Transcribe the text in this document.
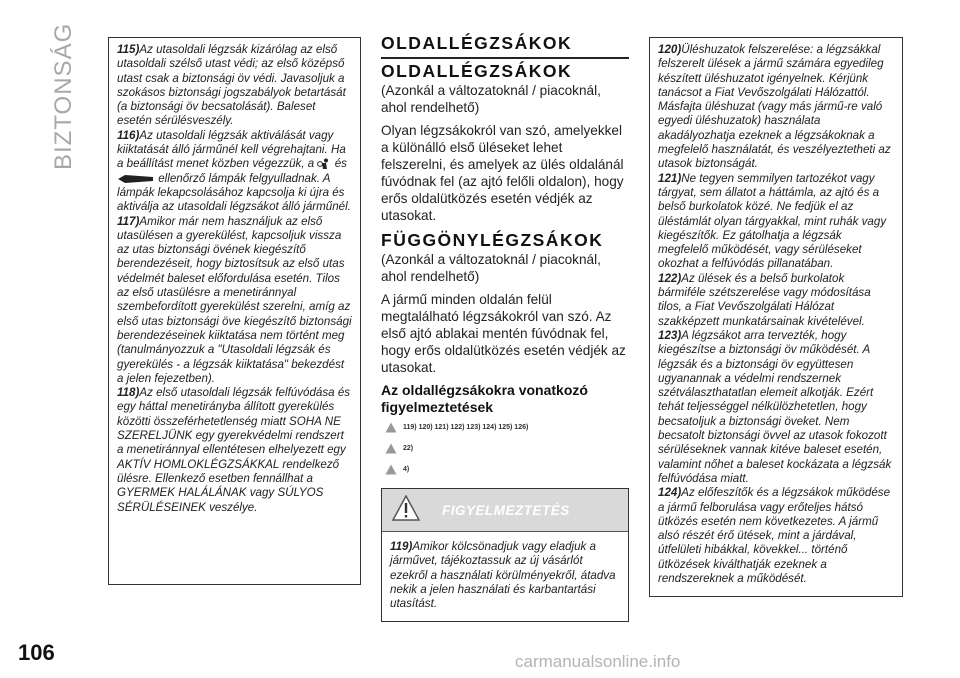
BIZTONSÁG
106	carmanualsonline.info

115)Az utasoldali légzsák kizárólag az első utasoldali szélső utast védi; az első középső utast csak a biztonsági öv védi. Javasoljuk a szokásos biztonsági jogszabályok betartását (a biztonsági öv becsatolását). Baleset esetén sérülésveszély.

116)Az utasoldali légzsák aktiválását vagy kiiktatását álló járműnél kell végrehajtani. Ha a beállítást menet közben végezzük, a és  ellenőrző lámpák felgyulladnak. A lámpák lekapcsolásához kapcsolja ki újra és aktiválja az utasoldali légzsákot álló járműnél.

117)Amikor már nem használjuk az első utasülésen a gyerekülést, kapcsoljuk vissza az utas biztonsági övének kiegészítő berendezéseit, hogy biztosítsuk az első utas védelmét baleset előfordulása esetén. Tilos az első utasülésre a menetiránnyal szembefordított gyerekülést szerelni, amíg az első utas biztonsági öve kiegészítő biztonsági berendezéseinek kiiktatása nem történt meg (tanulmányozzuk a "Utasoldali légzsák és gyerekülés - a légzsák kiiktatása" bekezdést a jelen fejezetben).

118)Az első utasoldali légzsák felfúvódása és egy háttal menetirányba állított gyerekülés közötti összeférhetetlenség miatt SOHA NE SZERELJÜNK egy gyerekvédelmi rendszert a menetiránnyal ellentétesen elhelyezett egy AKTÍV HOMLOKLÉGZSÁKKAL rendelkező ülésre. Ellenkező esetben fennállhat a GYERMEK HALÁLÁNAK vagy SÚLYOS SÉRÜLÉSEINEK veszélye.

OLDALLÉGZSÁKOK
OLDALLÉGZSÁKOK

(Azonkál a változatoknál / piacoknál, ahol rendelhető)

Olyan légzsákokról van szó, amelyekkel a különálló első üléseket lehet felszerelni, és amelyek az ülés oldalánál fúvódnak fel (az ajtó felőli oldalon), hogy erős oldalütközés esetén védjék az utasokat.

FÜGGÖNYLÉGZSÁKOK

(Azonkál a változatoknál / piacoknál, ahol rendelhető)

A jármű minden oldalán felül megtalálható légzsákokról van szó. Az első ajtó ablakai mentén fúvódnak fel, hogy erős oldalütközés esetén védjék az utasokat.

Az oldallégzsákokra vonatkozó figyelmeztetések
119) 120) 121) 122) 123) 124) 125) 126)
22)
4)
FIGYELMEZTETÉS
119)Amikor kölcsönadjuk vagy eladjuk a járművet, tájékoztassuk az új vásárlót ezekről a használati körülményekről, átadva nekik a jelen használati és karbantartási utasítást.

120)Üléshuzatok felszerelése: a légzsákkal felszerelt ülések a jármű számára egyedileg készített üléshuzatot igényelnek. Kérjünk tanácsot a Fiat Vevőszolgálati Hálózattól. Másfajta üléshuzat (vagy más jármű-re való egyedi üléshuzatok) használata akadályozhatja ezeknek a légzsákoknak a megfelelő használatát, és veszélyeztetheti az utasok biztonságát.

121)Ne tegyen semmilyen tartozékot vagy tárgyat, sem állatot a háttámla, az ajtó és a belső burkolatok közé. Ne fedjük el az üléstámlát olyan tárgyakkal, mint ruhák vagy kiegészítők. Ez gátolhatja a légzsák megfelelő működését, vagy sérüléseket okozhat a felfúvódás pillanatában.

122)Az ülések és a belső burkolatok bármiféle szétszerelése vagy módosítása tilos, a Fiat Vevőszolgálati Hálózat szakképzett munkatársainak kivételével.

123)A légzsákot arra tervezték, hogy kiegészítse a biztonsági öv működését. A légzsák és a biztonsági öv együttesen ugyanannak a védelmi rendszernek szétválaszthatatlan elemeit alkotják. Ezért tehát teljességgel nélkülözhetetlen, hogy becsatoljuk a biztonsági öveket. Nem becsatolt biztonsági övvel az utasok fokozott sérüléseknek vannak kitéve baleset esetén, valamint nőhet a baleset kockázata a légzsák felfúvódása miatt.

124)Az előfeszítők és a légzsákok működése a jármű felborulása vagy erőteljes hátsó ütközés esetén nem következetes. A jármű alsó részét érő ütések, mint a járdával, útfelületi hibákkal, kövekkel... történő ütközések kiválthatják ezeknek a rendszereknek a működését.
